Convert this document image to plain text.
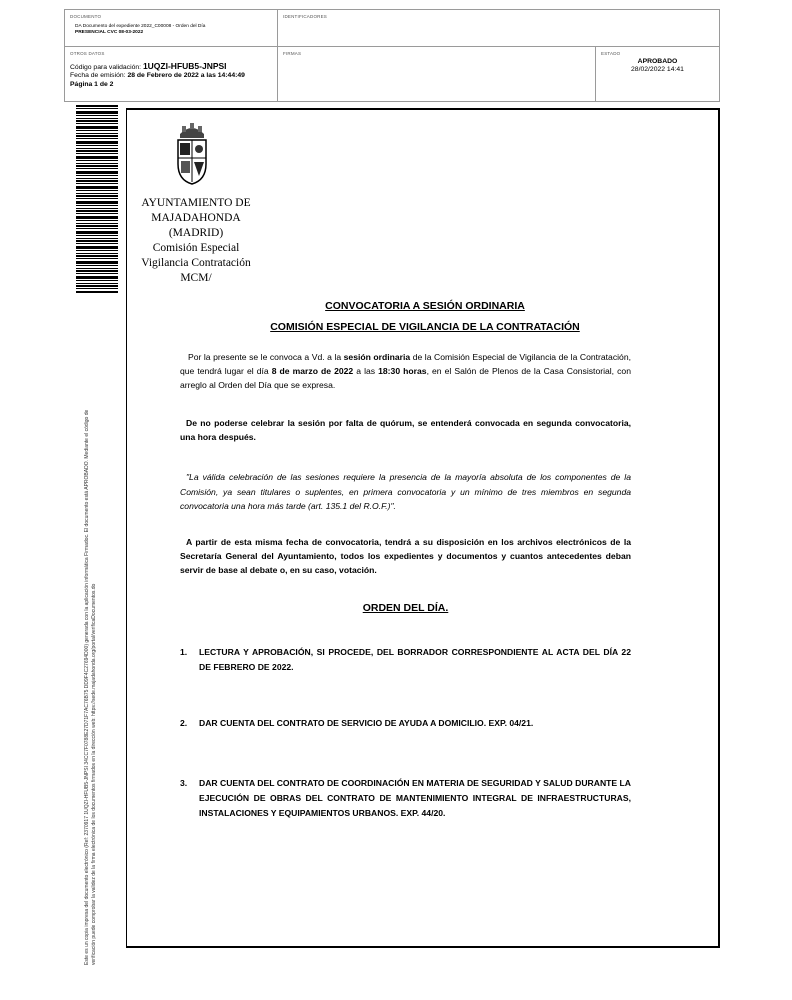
DOCUMENTO
DA Documento del expediente 2022_C00008 - Orden del Día
PRESENCIAL CVC 08-03-2022
IDENTIFICADORES
OTROS DATOS
Código para validación: 1UQZI-HFUB5-JNPSI
Fecha de emisión: 28 de Febrero de 2022 a las 14:44:49
Página 1 de 2
FIRMAS	ESTADO
APROBADO
28/02/2022 14:41
Este es un copia impresa del documento electrónico (Ref: 2370917 1UQZI-HFUB5-JNPSI 34CC7F0788E27D71F7AC76B75 DD9F4C27694D00) generada con la aplicación informática Firmadoc. El documento está APROBADO. Mediante el código de verificación puede comprobar la validez de la firma electrónica de los documentos firmados en la dirección web: https://sede.majadahonda.org/portal/verificaDocumentos.do
AYUNTAMIENTO DE
MAJADAHONDA
(MADRID)
Comisión Especial
Vigilancia Contratación
MCM/
CONVOCATORIA A SESIÓN ORDINARIA
COMISIÓN ESPECIAL DE VIGILANCIA DE LA CONTRATACIÓN
Por la presente se le convoca a Vd. a la sesión ordinaria de la Comisión Especial de Vigilancia de la Contratación, que tendrá lugar el día 8 de marzo de 2022 a las 18:30 horas, en el Salón de Plenos de la Casa Consistorial, con arreglo al Orden del Día que se expresa.
De no poderse celebrar la sesión por falta de quórum, se entenderá convocada en segunda convocatoria, una hora después.
"La válida celebración de las sesiones requiere la presencia de la mayoría absoluta de los componentes de la Comisión, ya sean titulares o suplentes, en primera convocatoria y un mínimo de tres miembros en segunda convocatoria una hora más tarde (art. 135.1 del R.O.F.)".
A partir de esta misma fecha de convocatoria, tendrá a su disposición en los archivos electrónicos de la Secretaría General del Ayuntamiento, todos los expedientes y documentos y cuantos antecedentes deban servir de base al debate o, en su caso, votación.
ORDEN DEL DÍA.
1.	LECTURA Y APROBACIÓN, SI PROCEDE, DEL BORRADOR CORRESPONDIENTE AL ACTA DEL DÍA 22 DE FEBRERO DE 2022.
2.	DAR CUENTA DEL CONTRATO DE SERVICIO DE AYUDA A DOMICILIO. EXP. 04/21.
3.	DAR CUENTA DEL CONTRATO DE COORDINACIÓN EN MATERIA DE SEGURIDAD Y SALUD DURANTE LA EJECUCIÓN DE OBRAS DEL CONTRATO DE MANTENIMIENTO INTEGRAL DE INFRAESTRUCTURAS, INSTALACIONES Y EQUIPAMIENTOS URBANOS. EXP. 44/20.
